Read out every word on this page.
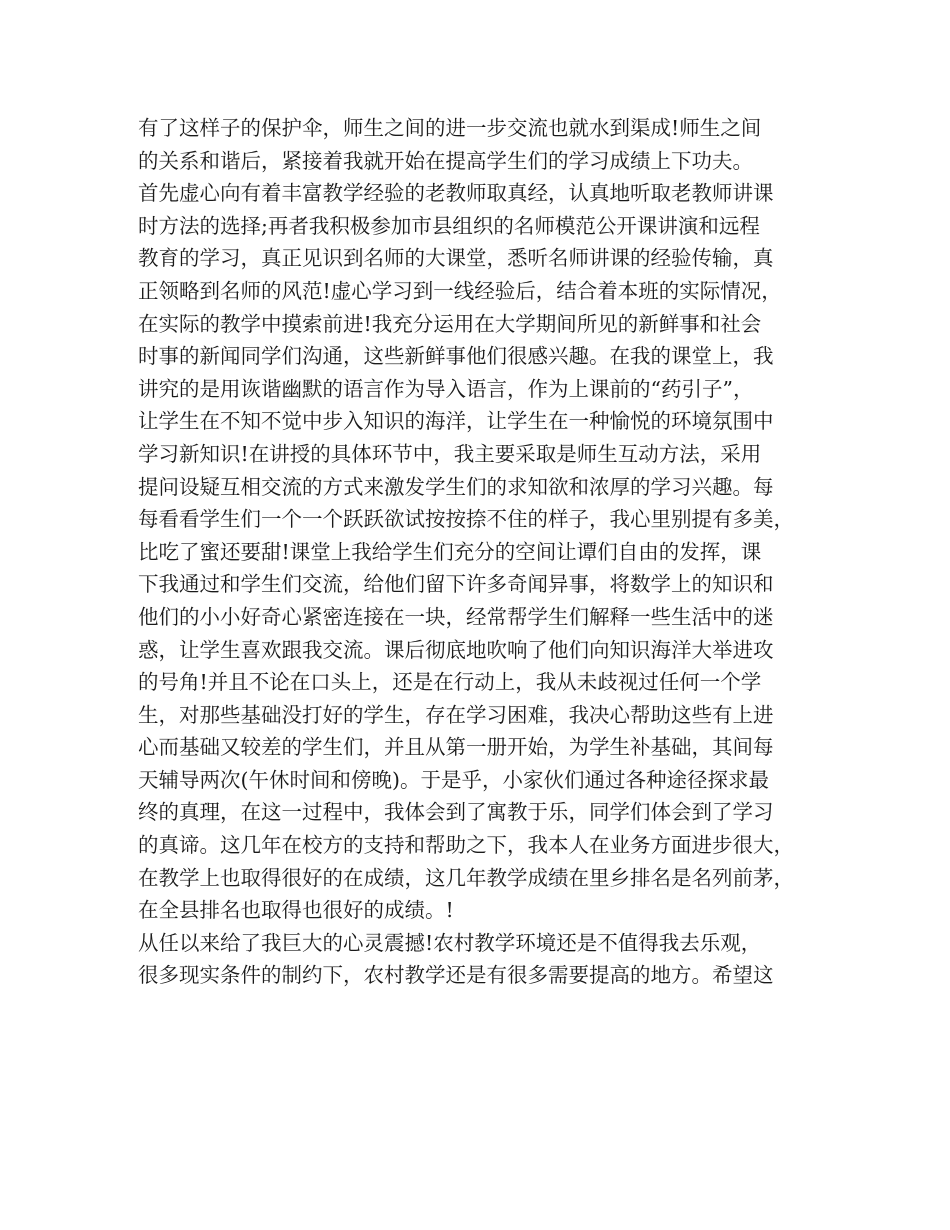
有了这样子的保护伞，师生之间的进一步交流也就水到渠成!师生之间
的关系和谐后，紧接着我就开始在提高学生们的学习成绩上下功夫。
首先虚心向有着丰富教学经验的老教师取真经，认真地听取老教师讲课
时方法的选择;再者我积极参加市县组织的名师模范公开课讲演和远程
教育的学习，真正见识到名师的大课堂，悉听名师讲课的经验传输，真
正领略到名师的风范!虚心学习到一线经验后，结合着本班的实际情况，
在实际的教学中摸索前进!我充分运用在大学期间所见的新鲜事和社会
时事的新闻同学们沟通，这些新鲜事他们很感兴趣。在我的课堂上，我
讲究的是用诙谐幽默的语言作为导入语言，作为上课前的“药引子”，
让学生在不知不觉中步入知识的海洋，让学生在一种愉悦的环境氛围中
学习新知识!在讲授的具体环节中，我主要采取是师生互动方法，采用
提问设疑互相交流的方式来激发学生们的求知欲和浓厚的学习兴趣。每
每看看学生们一个一个跃跃欲试按按捺不住的样子，我心里别提有多美，
比吃了蜜还要甜!课堂上我给学生们充分的空间让谭们自由的发挥，课
下我通过和学生们交流，给他们留下许多奇闻异事，将数学上的知识和
他们的小小好奇心紧密连接在一块，经常帮学生们解释一些生活中的迷
惑，让学生喜欢跟我交流。课后彻底地吹响了他们向知识海洋大举进攻
的号角!并且不论在口头上，还是在行动上，我从未歧视过任何一个学
生，对那些基础没打好的学生，存在学习困难，我决心帮助这些有上进
心而基础又较差的学生们，并且从第一册开始，为学生补基础，其间每
天辅导两次(午休时间和傍晚)。于是乎，小家伙们通过各种途径探求最
终的真理，在这一过程中，我体会到了寓教于乐，同学们体会到了学习
的真谛。这几年在校方的支持和帮助之下，我本人在业务方面进步很大，
在教学上也取得很好的在成绩，这几年教学成绩在里乡排名是名列前茅，
在全县排名也取得也很好的成绩。!
从任以来给了我巨大的心灵震撼!农村教学环境还是不值得我去乐观，
很多现实条件的制约下，农村教学还是有很多需要提高的地方。希望这
